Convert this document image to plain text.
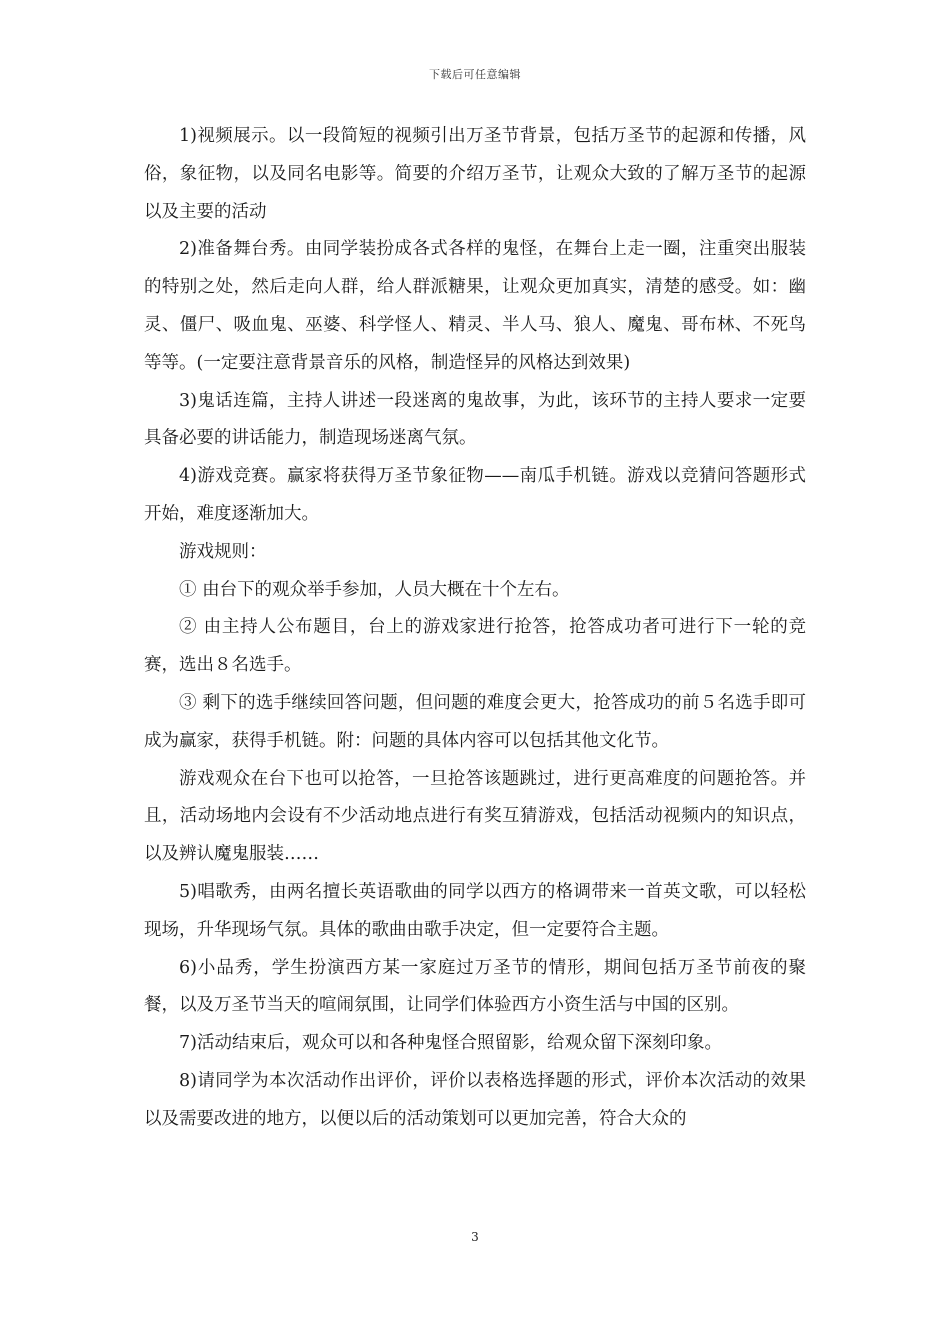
下载后可任意编辑

1)视频展示。以一段简短的视频引出万圣节背景，包括万圣节的起源和传播，风俗，象征物，以及同名电影等。简要的介绍万圣节，让观众大致的了解万圣节的起源以及主要的活动

2)准备舞台秀。由同学装扮成各式各样的鬼怪，在舞台上走一圈，注重突出服装的特别之处，然后走向人群，给人群派糖果，让观众更加真实，清楚的感受。如：幽灵、僵尸、吸血鬼、巫婆、科学怪人、精灵、半人马、狼人、魔鬼、哥布林、不死鸟等等。(一定要注意背景音乐的风格，制造怪异的风格达到效果)

3)鬼话连篇，主持人讲述一段迷离的鬼故事，为此，该环节的主持人要求一定要具备必要的讲话能力，制造现场迷离气氛。

4)游戏竞赛。赢家将获得万圣节象征物——南瓜手机链。游戏以竞猜问答题形式开始，难度逐渐加大。

游戏规则：

① 由台下的观众举手参加，人员大概在十个左右。

② 由主持人公布题目，台上的游戏家进行抢答，抢答成功者可进行下一轮的竞赛，选出８名选手。

③ 剩下的选手继续回答问题，但问题的难度会更大，抢答成功的前５名选手即可成为赢家，获得手机链。附：问题的具体内容可以包括其他文化节。

游戏观众在台下也可以抢答，一旦抢答该题跳过，进行更高难度的问题抢答。并且，活动场地内会设有不少活动地点进行有奖互猜游戏，包括活动视频内的知识点，以及辨认魔鬼服装……

5)唱歌秀，由两名擅长英语歌曲的同学以西方的格调带来一首英文歌，可以轻松现场，升华现场气氛。具体的歌曲由歌手决定，但一定要符合主题。

6)小品秀，学生扮演西方某一家庭过万圣节的情形，期间包括万圣节前夜的聚餐，以及万圣节当天的喧闹氛围，让同学们体验西方小资生活与中国的区别。

7)活动结束后，观众可以和各种鬼怪合照留影，给观众留下深刻印象。

8)请同学为本次活动作出评价，评价以表格选择题的形式，评价本次活动的效果以及需要改进的地方，以便以后的活动策划可以更加完善，符合大众的

3
